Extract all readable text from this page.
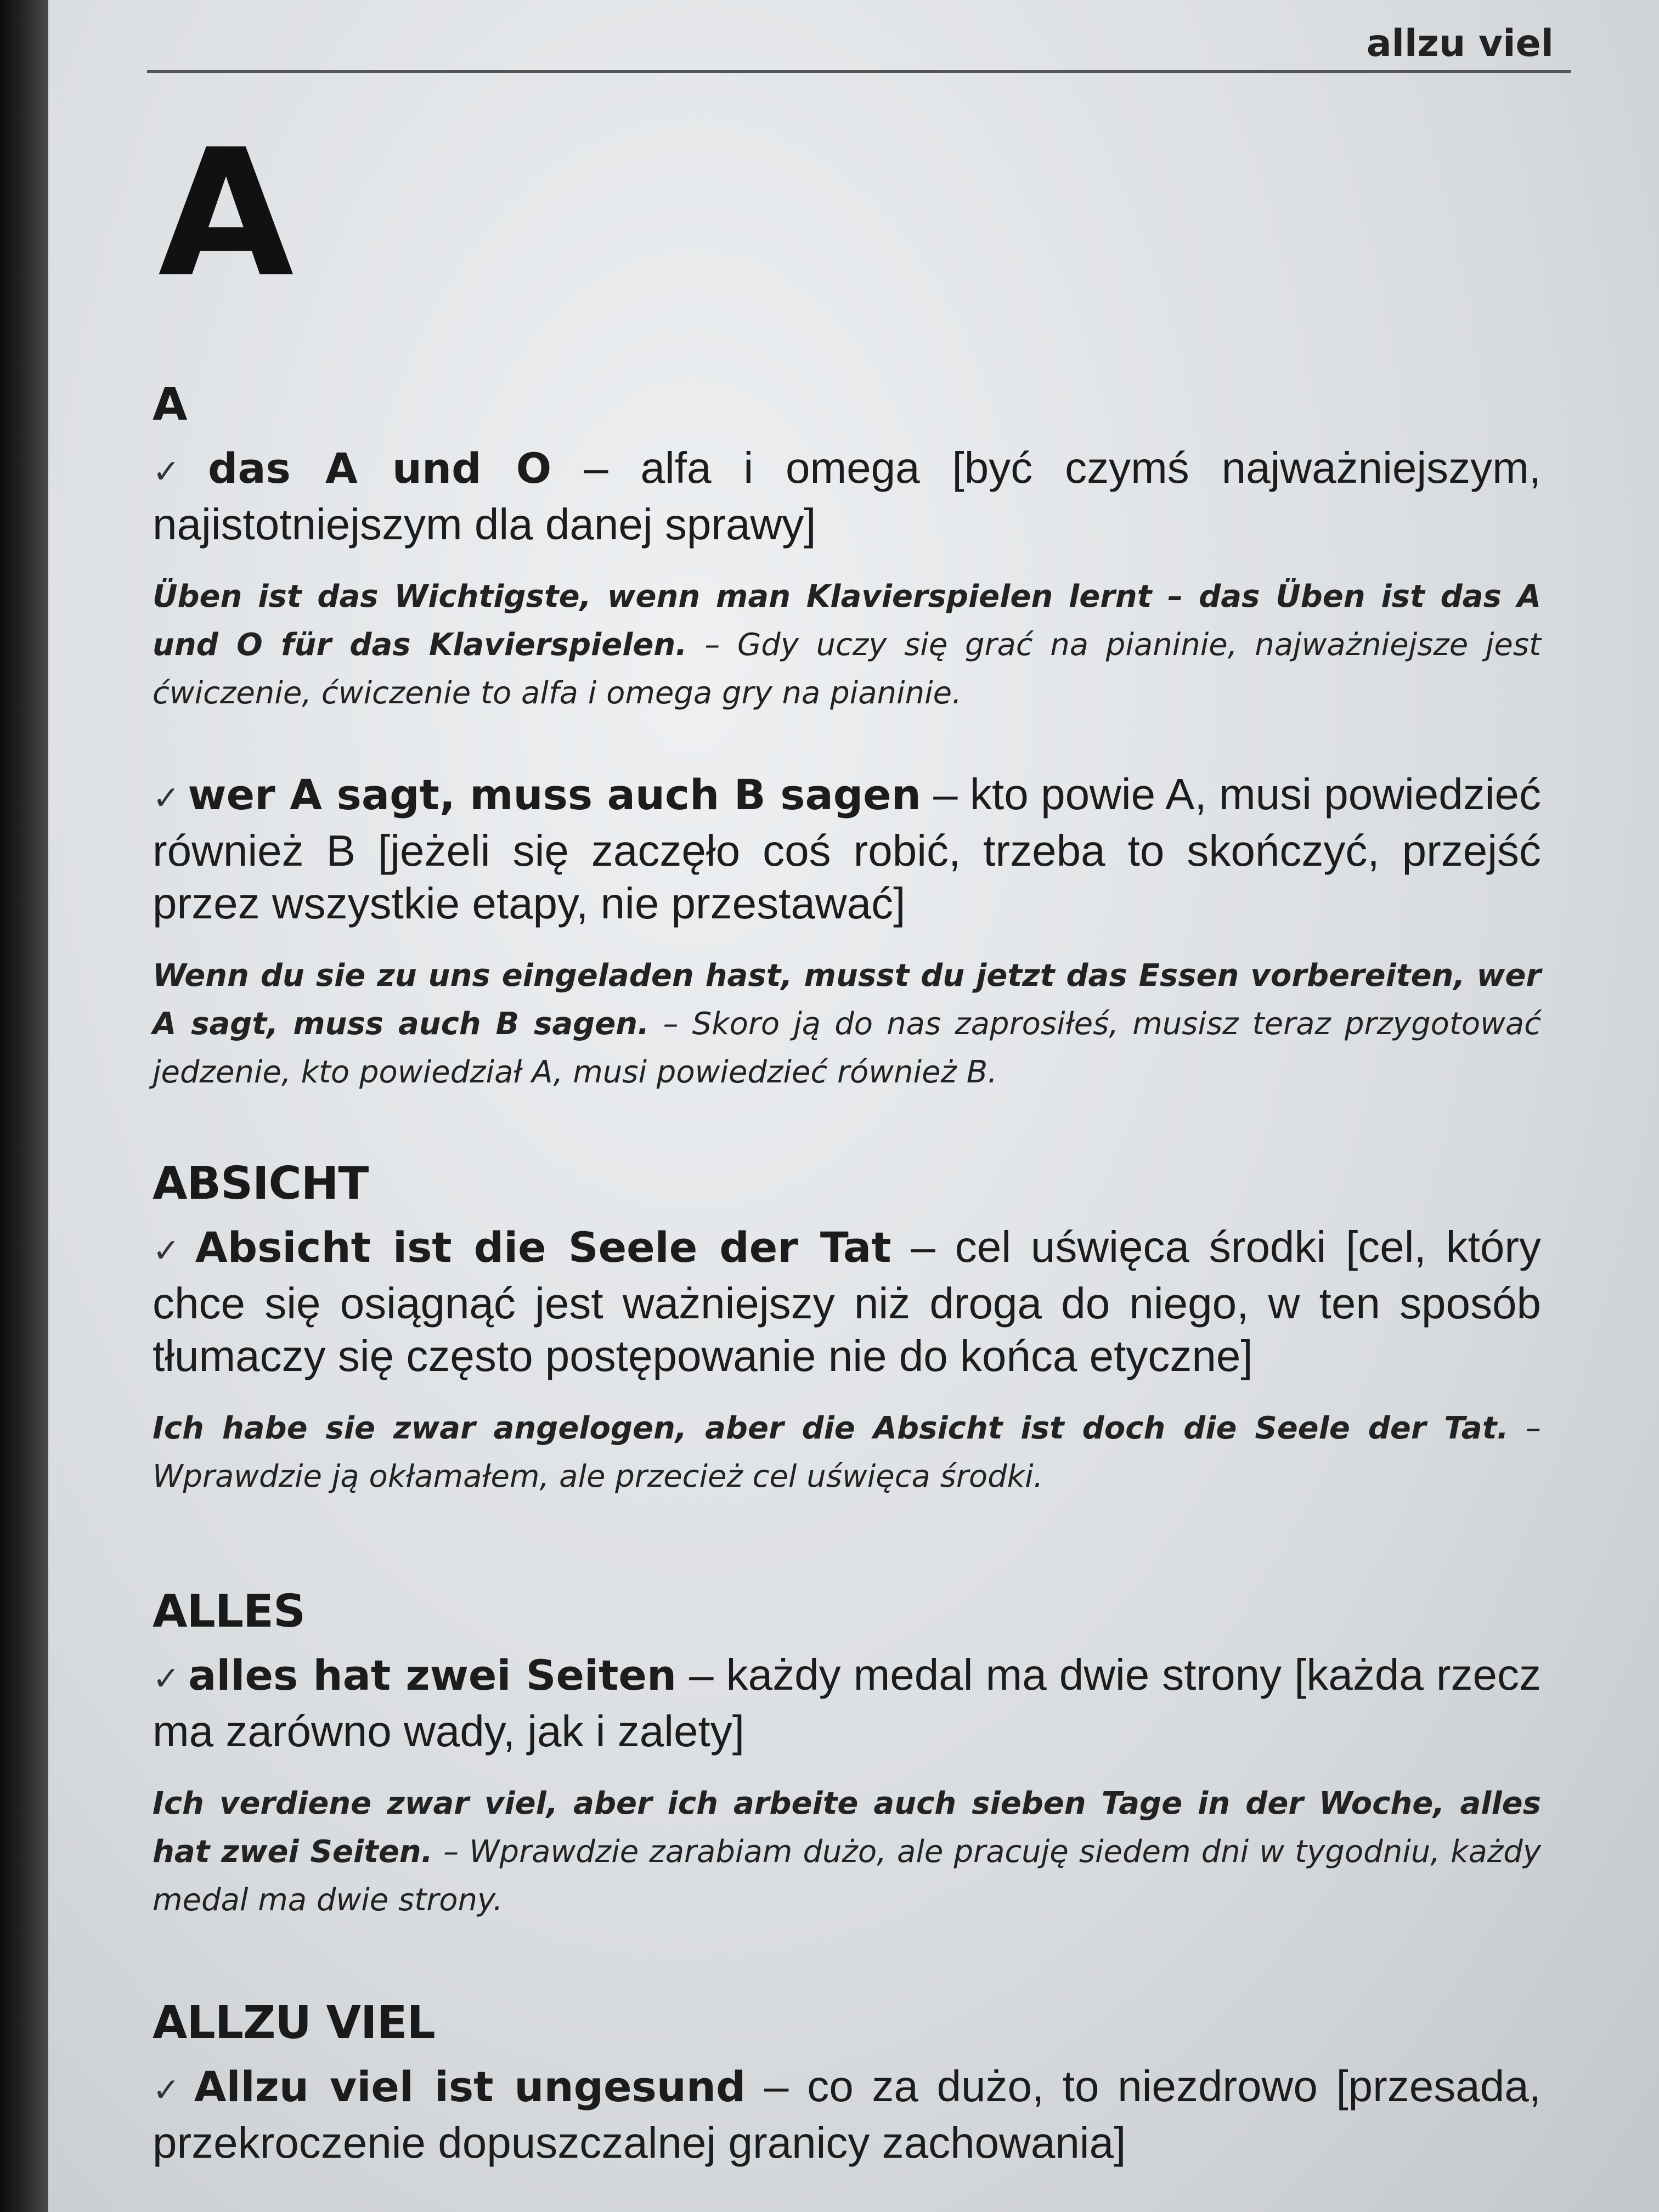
allzu viel
A
A

✓ das A und O – alfa i omega [być czymś najważniejszym, najistotniejszym dla danej sprawy]

Üben ist das Wichtigste, wenn man Klavierspielen lernt – das Üben ist das A und O für das Klavierspielen. – Gdy uczy się grać na pianinie, najważniejsze jest ćwiczenie, ćwiczenie to alfa i omega gry na pianinie.

✓ wer A sagt, muss auch B sagen – kto powie A, musi powiedzieć również B [jeżeli się zaczęło coś robić, trzeba to skończyć, przejść przez wszystkie etapy, nie przestawać]

Wenn du sie zu uns eingeladen hast, musst du jetzt das Essen vorbereiten, wer A sagt, muss auch B sagen. – Skoro ją do nas zaprosiłeś, musisz teraz przygotować jedzenie, kto powiedział A, musi powiedzieć również B.

ABSICHT

✓ Absicht ist die Seele der Tat – cel uświęca środki [cel, który chce się osiągnąć jest ważniejszy niż droga do niego, w ten sposób tłumaczy się często postępowanie nie do końca etyczne]

Ich habe sie zwar angelogen, aber die Absicht ist doch die Seele der Tat. – Wprawdzie ją okłamałem, ale przecież cel uświęca środki.

ALLES

✓ alles hat zwei Seiten – każdy medal ma dwie strony [każda rzecz ma zarówno wady, jak i zalety]

Ich verdiene zwar viel, aber ich arbeite auch sieben Tage in der Woche, alles hat zwei Seiten. – Wprawdzie zarabiam dużo, ale pracuję siedem dni w tygodniu, każdy medal ma dwie strony.

ALLZU VIEL

✓ Allzu viel ist ungesund – co za dużo, to niezdrowo [przesada, przekroczenie dopuszczalnej granicy zachowania]
